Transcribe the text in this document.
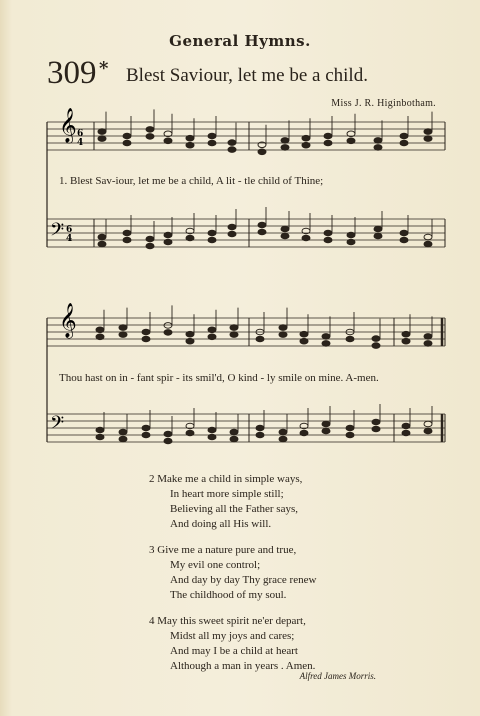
General Hymns.
309 * Blest Saviour, let me be a child.
Miss J. R. Higinbotham.
𝄞
𝄞
𝄢
𝄢
6
4
6
4
1. Blest Sav-iour, let me be a child, A lit - tle child of Thine;
Thou hast on in - fant spir - its smil'd, O kind - ly smile on mine. A-men.
2 Make me a child in simple ways,
In heart more simple still;
Believing all the Father says,
And doing all His will.
3 Give me a nature pure and true,
My evil one control;
And day by day Thy grace renew
The childhood of my soul.
4 May this sweet spirit ne'er depart,
Midst all my joys and cares;
And may I be a child at heart
Although a man in years . Amen.
Alfred James Morris.
